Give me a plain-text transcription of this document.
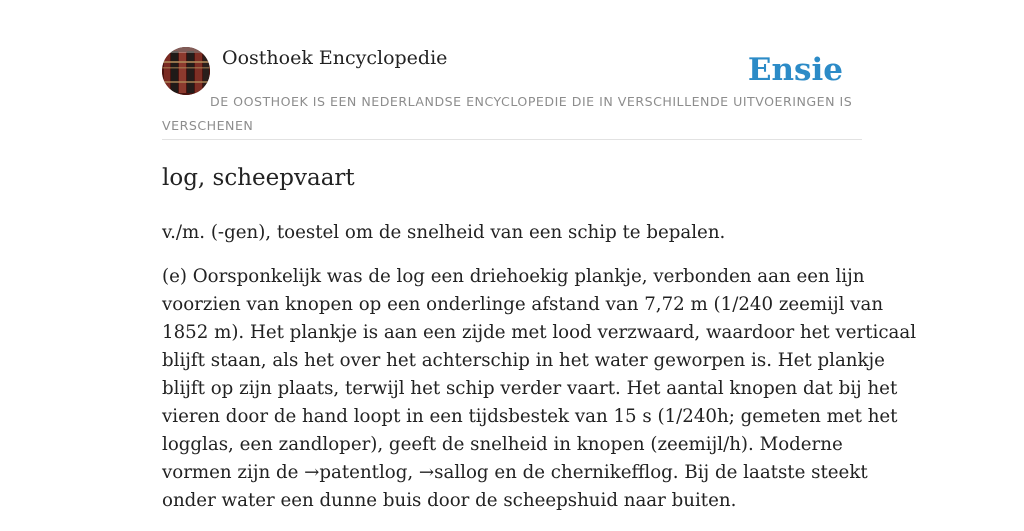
Oosthoek Encyclopedie	Ensie
DE OOSTHOEK IS EEN NEDERLANDSE ENCYCLOPEDIE DIE IN VERSCHILLENDE UITVOERINGEN IS VERSCHENEN
log, scheepvaart

v./m. (-gen), toestel om de snelheid van een schip te bepalen.

(e) Oorsponkelijk was de log een driehoekig plankje, verbonden aan een lijn
voorzien van knopen op een onderlinge afstand van 7,72 m (1/240 zeemijl van
1852 m). Het plankje is aan een zijde met lood verzwaard, waardoor het verticaal
blijft staan, als het over het achterschip in het water geworpen is. Het plankje
blijft op zijn plaats, terwijl het schip verder vaart. Het aantal knopen dat bij het
vieren door de hand loopt in een tijdsbestek van 15 s (1/240h; gemeten met het
logglas, een zandloper), geeft de snelheid in knopen (zeemijl/h). Moderne
vormen zijn de →patentlog, →sallog en de chernikefflog. Bij de laatste steekt
onder water een dunne buis door de scheepshuid naar buiten.
